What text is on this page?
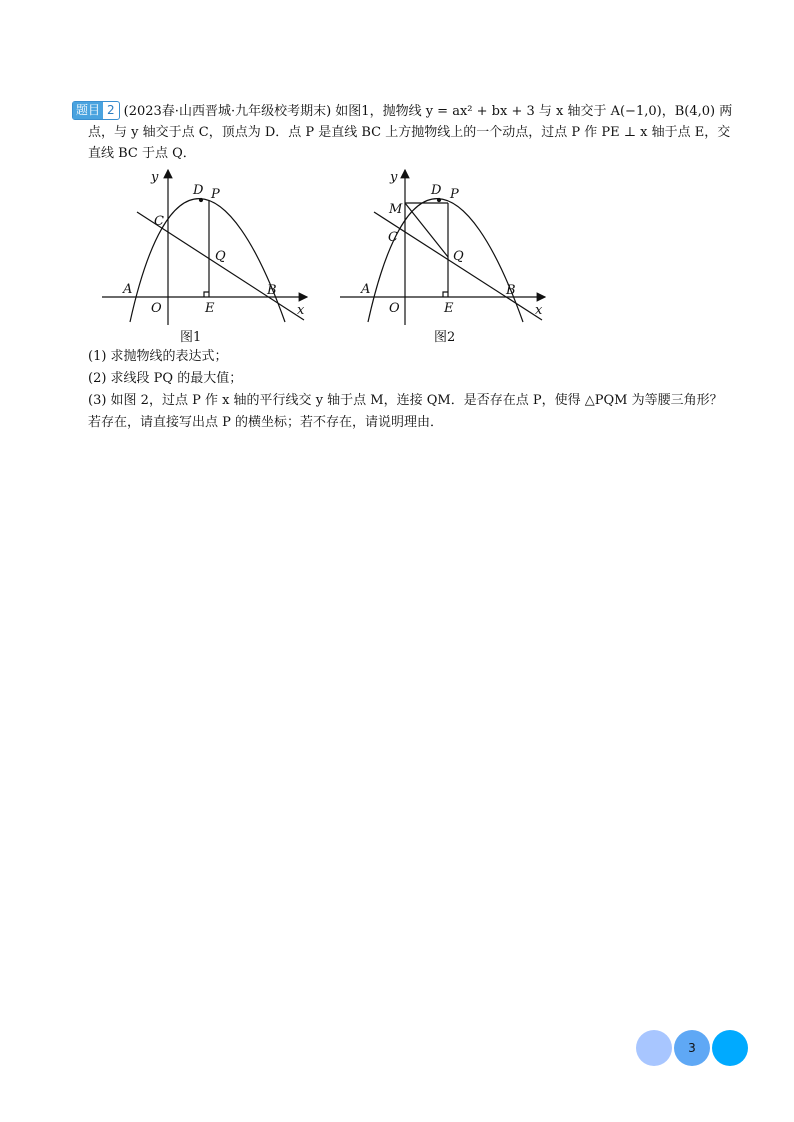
题目 2 (2023春·山西晋城·九年级校考期末) 如图1，抛物线 y = ax² + bx + 3 与 x 轴交于 A(−1,0)，B(4,0) 两

点，与 y 轴交于点 C，顶点为 D．点 P 是直线 BC 上方抛物线上的一个动点，过点 P 作 PE ⊥ x 轴于点 E，交

直线 BC 于点 Q．

y
x
D P
C
Q
A
O	E
B
图1
y
x
D P
M
C
Q
A
O	E
B
图2

(1) 求抛物线的表达式；

(2) 求线段 PQ 的最大值；

(3) 如图 2，过点 P 作 x 轴的平行线交 y 轴于点 M，连接 QM．是否存在点 P，使得 △PQM 为等腰三角形？

若存在，请直接写出点 P 的横坐标；若不存在，请说明理由．

3
